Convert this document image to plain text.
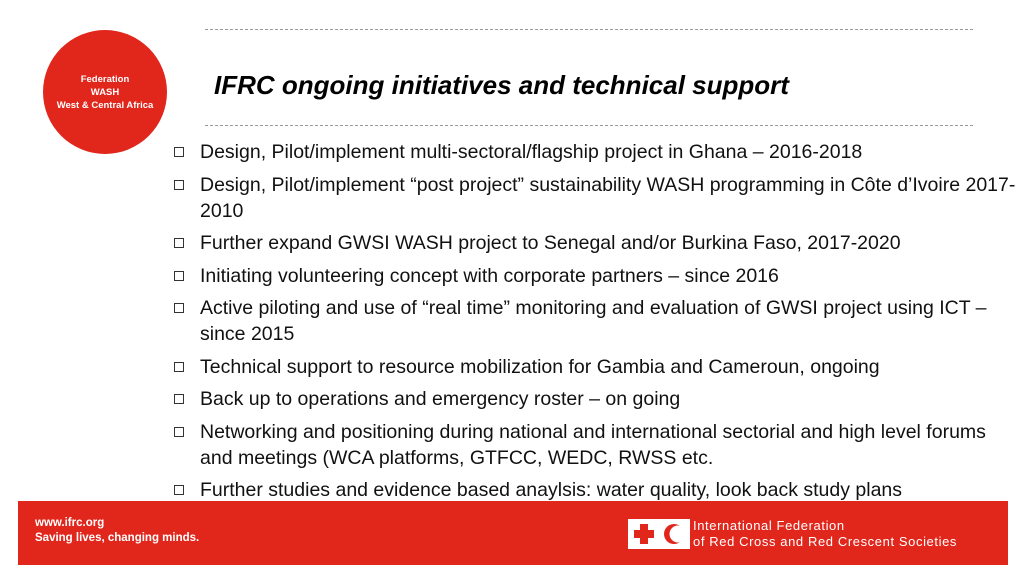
Federation
WASH
West & Central Africa
IFRC ongoing initiatives and technical support
Design, Pilot/implement multi-sectoral/flagship project in Ghana – 2016-2018
Design, Pilot/implement “post project” sustainability WASH programming in Côte d’Ivoire 2017-2010
Further expand GWSI WASH project to Senegal and/or Burkina Faso, 2017-2020
Initiating volunteering concept with corporate partners – since 2016
Active piloting and use of “real time” monitoring and evaluation of GWSI project using ICT – since 2015
Technical support to resource mobilization for Gambia and Cameroun, ongoing
Back up to operations and emergency roster – on going
Networking and positioning during national and international sectorial and high level forums and meetings (WCA platforms, GTFCC, WEDC, RWSS etc.
Further studies and evidence based anaylsis: water quality, look back study plans
www.ifrc.org
Saving lives, changing minds.
International Federation
of Red Cross and Red Crescent Societies
